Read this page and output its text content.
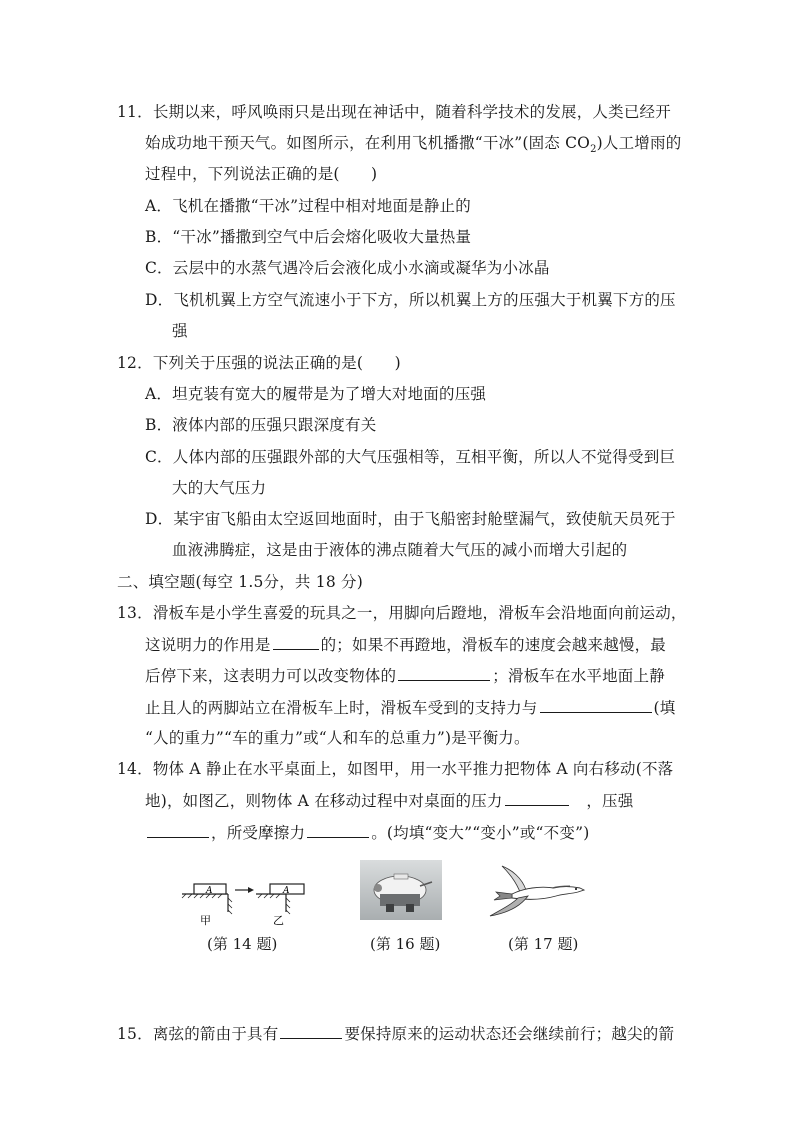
11．长期以来，呼风唤雨只是出现在神话中，随着科学技术的发展，人类已经开
始成功地干预天气。如图所示，在利用飞机播撒“干冰”(固态 $CO_2$)人工增雨的
过程中，下列说法正确的是(　　)
A．飞机在播撒“干冰”过程中相对地面是静止的
B．“干冰”播撒到空气中后会熔化吸收大量热量
C．云层中的水蒸气遇冷后会液化成小水滴或凝华为小冰晶
D．飞机机翼上方空气流速小于下方，所以机翼上方的压强大于机翼下方的压
强
12．下列关于压强的说法正确的是(　　)
A．坦克装有宽大的履带是为了增大对地面的压强
B．液体内部的压强只跟深度有关
C．人体内部的压强跟外部的大气压强相等，互相平衡，所以人不觉得受到巨
大的大气压力
D．某宇宙飞船由太空返回地面时，由于飞船密封舱壁漏气，致使航天员死于
血液沸腾症，这是由于液体的沸点随着大气压的减小而增大引起的
二、填空题(每空 1.5分，共 18 分)
13．滑板车是小学生喜爱的玩具之一，用脚向后蹬地，滑板车会沿地面向前运动，
这说明力的作用是	的；如果不再蹬地，滑板车的速度会越来越慢，最
后停下来，这表明力可以改变物体的	；滑板车在水平地面上静
止且人的两脚站立在滑板车上时，滑板车受到的支持力与	(填
“人的重力”“车的重力”或“人和车的总重力”)是平衡力。
14．物体 A 静止在水平桌面上，如图甲，用一水平推力把物体 A 向右移动(不落
地)，如图乙，则物体 A 在移动过程中对桌面的压力　	，压强
，所受摩擦力	。(均填“变大”“变小”或“不变”)
A	A
甲	乙
(第 14 题)	(第 16 题)	(第 17 题)
15．离弦的箭由于具有	要保持原来的运动状态还会继续前行；越尖的箭
